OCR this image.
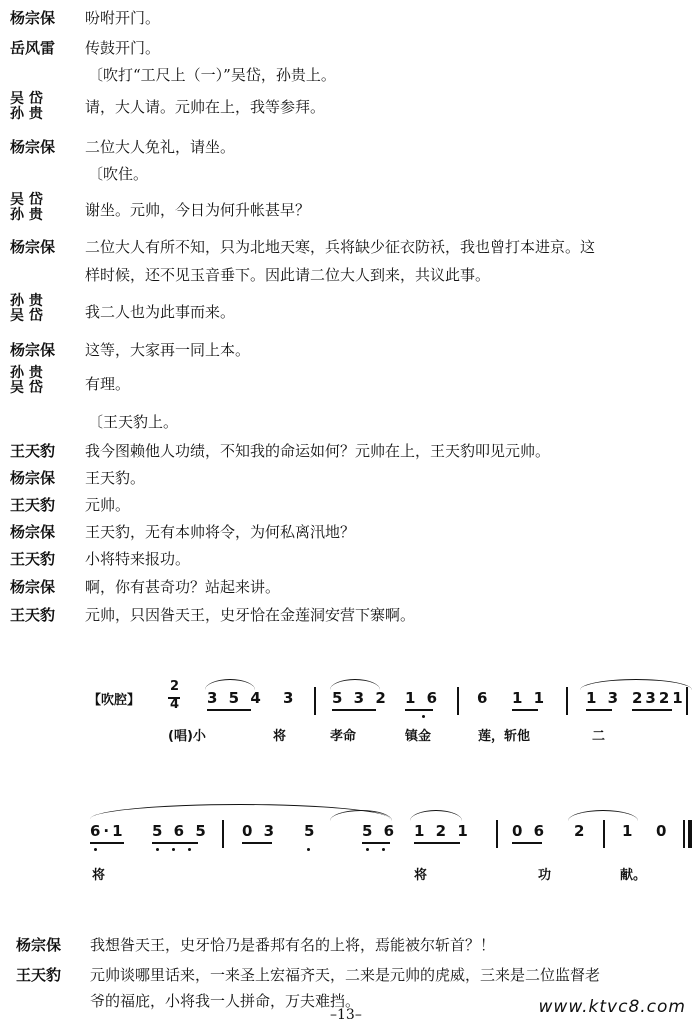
杨宗保	吩咐开门。
岳风雷	传鼓开门。
〔吹打“工尺上（一）”吴岱，孙贵上。
吴 岱
孙 贵	请，大人请。元帅在上，我等参拜。
杨宗保	二位大人免礼，请坐。
〔吹住。
吴 岱
孙 贵	谢坐。元帅，今日为何升帐甚早？
杨宗保	二位大人有所不知，只为北地天寒，兵将缺少征衣防袄，我也曾打本进京。这
样时候，还不见玉音垂下。因此请二位大人到来，共议此事。
孙 贵
吴 岱	我二人也为此事而来。
杨宗保	这等，大家再一同上本。
孙 贵
吴 岱	有理。
〔王天豹上。
王天豹	我今图赖他人功绩，不知我的命运如何？元帅在上，王天豹叩见元帅。
杨宗保	王天豹。
王天豹	元帅。
杨宗保	王天豹，无有本帅将令，为何私离汛地？
王天豹	小将特来报功。
杨宗保	啊，你有甚奇功？站起来讲。
王天豹	元帅，只因昝天王，史牙恰在金莲洞安营下寨啊。
【吹腔】
2
4 3 5 4 3 5 3 2 1 6 6 1 1	1 3 2321
(唱)小	将	孝命	镇金	莲，斩他	二
6·1 5 6 5 0 3 5	5 6 1 2 1	0 6 2 1 0
将	将	功	献。
杨宗保	我想昝天王，史牙恰乃是番邦有名的上将，焉能被尔斩首？！
王天豹	元帅谈哪里话来，一来圣上宏福齐天，二来是元帅的虎威，三来是二位监督老
爷的福庇，小将我一人拼命，万夫难挡。
–13–	www.ktvc8.com
